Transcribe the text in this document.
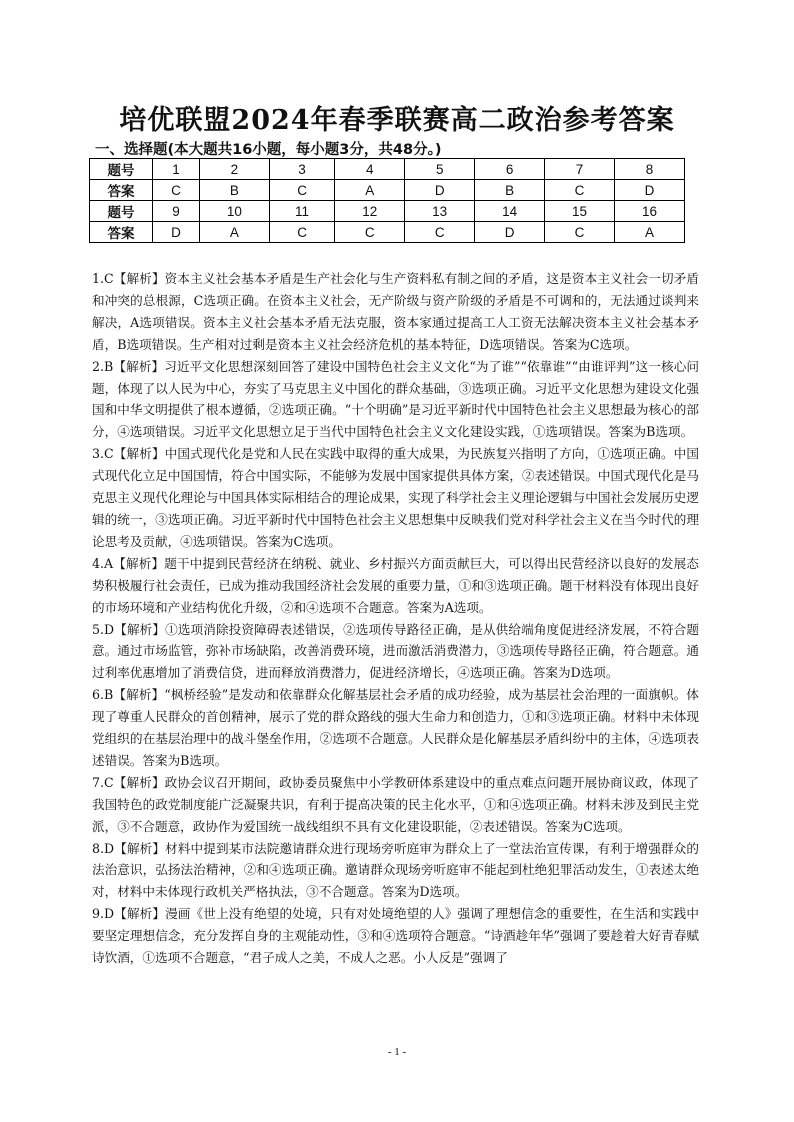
培优联盟2024年春季联赛高二政治参考答案
一、选择题(本大题共16小题，每小题3分，共48分。)
题号	1	2	3	4	5	6	7	8
答案	C	B	C	A	D	B	C	D
题号	9	10	11	12	13	14	15	16
答案	D	A	C	C	C	D	C	A

1.C【解析】资本主义社会基本矛盾是生产社会化与生产资料私有制之间的矛盾，这是资本主义社会一切矛盾和冲突的总根源，C选项正确。在资本主义社会，无产阶级与资产阶级的矛盾是不可调和的，无法通过谈判来解决，A选项错误。资本主义社会基本矛盾无法克服，资本家通过提高工人工资无法解决资本主义社会基本矛盾，B选项错误。生产相对过剩是资本主义社会经济危机的基本特征，D选项错误。答案为C选项。

2.B【解析】习近平文化思想深刻回答了建设中国特色社会主义文化“为了谁”“依靠谁”“由谁评判”这一核心问题，体现了以人民为中心，夯实了马克思主义中国化的群众基础，③选项正确。习近平文化思想为建设文化强国和中华文明提供了根本遵循，②选项正确。“十个明确”是习近平新时代中国特色社会主义思想最为核心的部分，④选项错误。习近平文化思想立足于当代中国特色社会主义文化建设实践，①选项错误。答案为B选项。

3.C【解析】中国式现代化是党和人民在实践中取得的重大成果，为民族复兴指明了方向，①选项正确。中国式现代化立足中国国情，符合中国实际，不能够为发展中国家提供具体方案，②表述错误。中国式现代化是马克思主义现代化理论与中国具体实际相结合的理论成果，实现了科学社会主义理论逻辑与中国社会发展历史逻辑的统一，③选项正确。习近平新时代中国特色社会主义思想集中反映我们党对科学社会主义在当今时代的理论思考及贡献，④选项错误。答案为C选项。

4.A【解析】题干中提到民营经济在纳税、就业、乡村振兴方面贡献巨大，可以得出民营经济以良好的发展态势积极履行社会责任，已成为推动我国经济社会发展的重要力量，①和③选项正确。题干材料没有体现出良好的市场环境和产业结构优化升级，②和④选项不合题意。答案为A选项。

5.D【解析】①选项消除投资障碍表述错误，②选项传导路径正确，是从供给端角度促进经济发展，不符合题意。通过市场监管，弥补市场缺陷，改善消费环境，进而激活消费潜力，③选项传导路径正确，符合题意。通过利率优惠增加了消费信贷，进而释放消费潜力，促进经济增长，④选项正确。答案为D选项。

6.B【解析】“枫桥经验”是发动和依靠群众化解基层社会矛盾的成功经验，成为基层社会治理的一面旗帜。体现了尊重人民群众的首创精神，展示了党的群众路线的强大生命力和创造力，①和③选项正确。材料中未体现党组织的在基层治理中的战斗堡垒作用，②选项不合题意。人民群众是化解基层矛盾纠纷中的主体，④选项表述错误。答案为B选项。

7.C【解析】政协会议召开期间，政协委员聚焦中小学教研体系建设中的重点难点问题开展协商议政，体现了我国特色的政党制度能广泛凝聚共识，有利于提高决策的民主化水平，①和④选项正确。材料未涉及到民主党派，③不合题意，政协作为爱国统一战线组织不具有文化建设职能，②表述错误。答案为C选项。

8.D【解析】材料中提到某市法院邀请群众进行现场旁听庭审为群众上了一堂法治宣传课，有利于增强群众的法治意识，弘扬法治精神，②和④选项正确。邀请群众现场旁听庭审不能起到杜绝犯罪活动发生，①表述太绝对，材料中未体现行政机关严格执法，③不合题意。答案为D选项。

9.D【解析】漫画《世上没有绝望的处境，只有对处境绝望的人》强调了理想信念的重要性，在生活和实践中要坚定理想信念，充分发挥自身的主观能动性，③和④选项符合题意。“诗酒趁年华”强调了要趁着大好青春赋诗饮酒，①选项不合题意，“君子成人之美，不成人之恶。小人反是”强调了

- 1 -
